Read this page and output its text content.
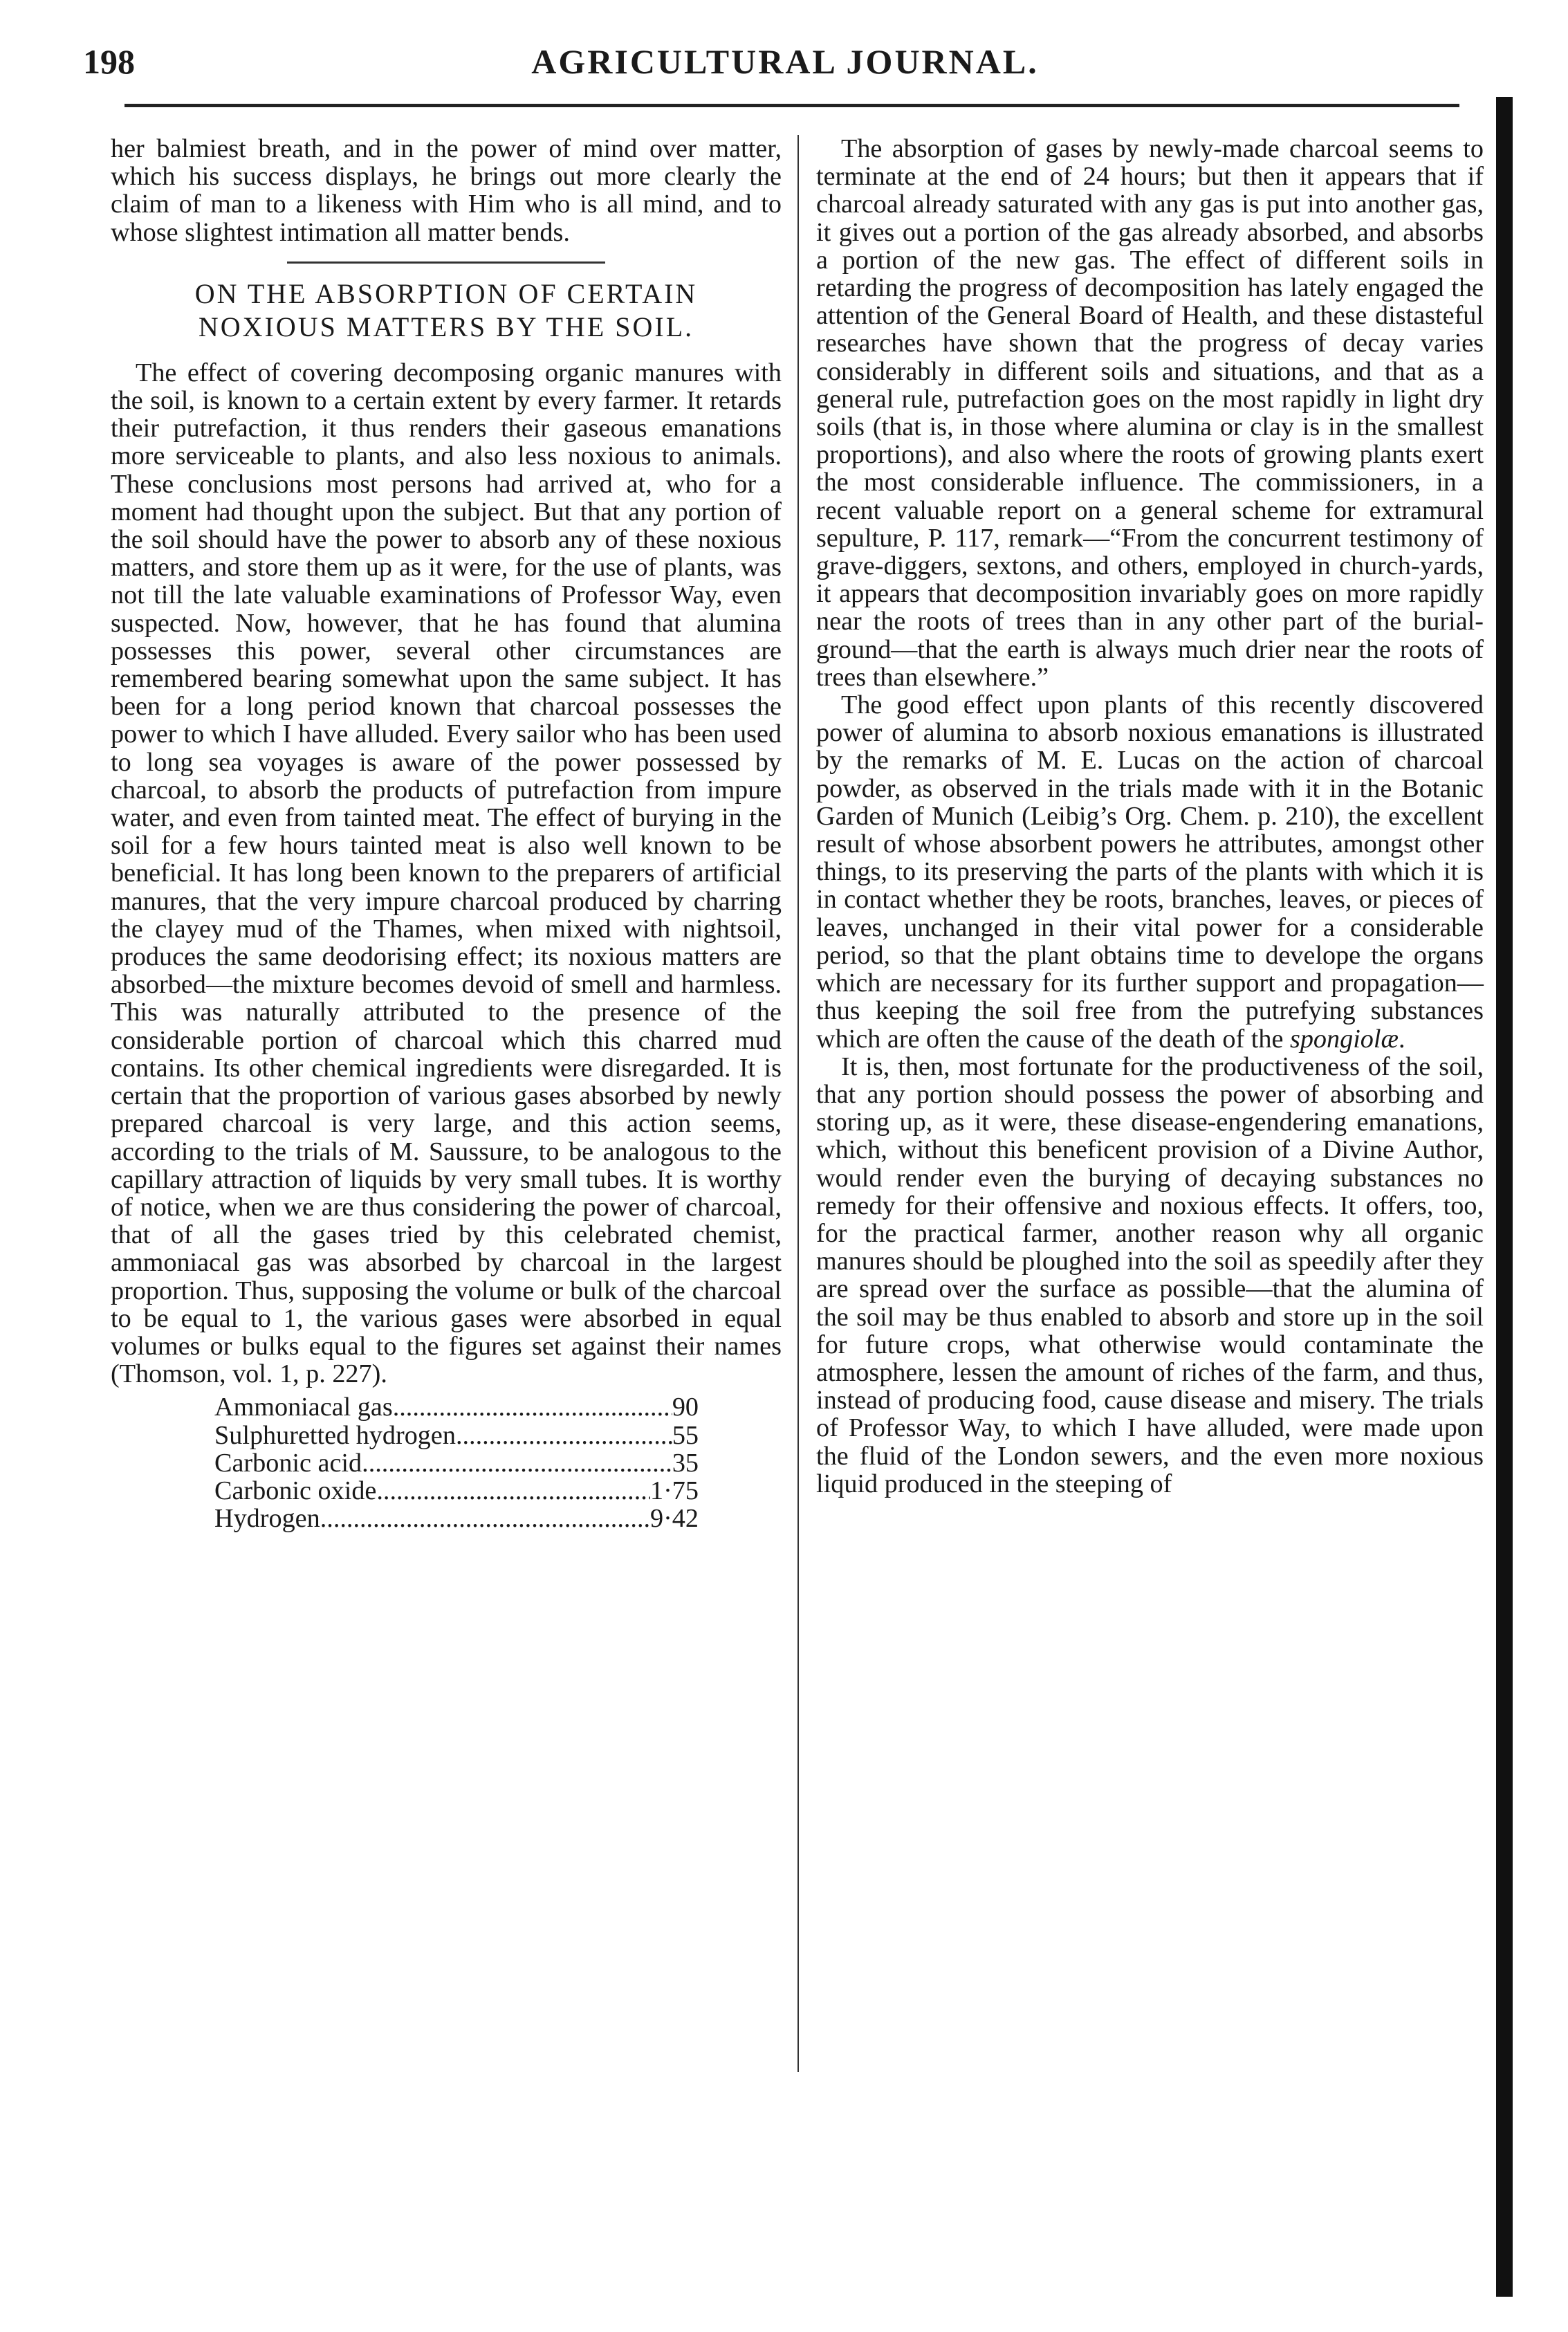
198	AGRICULTURAL JOURNAL.

her balmiest breath, and in the power of mind over matter, which his success displays, he brings out more clearly the claim of man to a likeness with Him who is all mind, and to whose slightest intimation all matter bends.

ON THE ABSORPTION OF CERTAIN
NOXIOUS MATTERS BY THE SOIL.

The effect of covering decomposing organic manures with the soil, is known to a certain extent by every farmer. It retards their putrefaction, it thus renders their gaseous emanations more serviceable to plants, and also less noxious to animals. These conclusions most persons had arrived at, who for a moment had thought upon the subject. But that any portion of the soil should have the power to absorb any of these noxious matters, and store them up as it were, for the use of plants, was not till the late valuable examinations of Professor Way, even suspected. Now, however, that he has found that alumina possesses this power, several other circumstances are remembered bearing somewhat upon the same subject. It has been for a long period known that charcoal possesses the power to which I have alluded. Every sailor who has been used to long sea voyages is aware of the power possessed by charcoal, to absorb the products of putrefaction from impure water, and even from tainted meat. The effect of burying in the soil for a few hours tainted meat is also well known to be beneficial. It has long been known to the preparers of artificial manures, that the very impure charcoal produced by charring the clayey mud of the Thames, when mixed with nightsoil, produces the same deodorising effect; its noxious matters are absorbed—the mixture becomes devoid of smell and harmless. This was naturally attributed to the presence of the considerable portion of charcoal which this charred mud contains. Its other chemical ingredients were disregarded. It is certain that the proportion of various gases absorbed by newly prepared charcoal is very large, and this action seems, according to the trials of M. Saussure, to be analogous to the capillary attraction of liquids by very small tubes. It is worthy of notice, when we are thus considering the power of charcoal, that of all the gases tried by this celebrated chemist, ammoniacal gas was absorbed by charcoal in the largest proportion. Thus, supposing the volume or bulk of the charcoal to be equal to 1, the various gases were absorbed in equal volumes or bulks equal to the figures set against their names (Thomson, vol. 1, p. 227).

Ammoniacal gas .....	90
Sulphuretted hydrogen .....	55
Carbonic acid .....	35
Carbonic oxide .....	1·75
Hydrogen .....	9·42

The absorption of gases by newly-made charcoal seems to terminate at the end of 24 hours; but then it appears that if charcoal already saturated with any gas is put into another gas, it gives out a portion of the gas already absorbed, and absorbs a portion of the new gas. The effect of different soils in retarding the progress of decomposition has lately engaged the attention of the General Board of Health, and these distasteful researches have shown that the progress of decay varies considerably in different soils and situations, and that as a general rule, putrefaction goes on the most rapidly in light dry soils (that is, in those where alumina or clay is in the smallest proportions), and also where the roots of growing plants exert the most considerable influence. The commissioners, in a recent valuable report on a general scheme for extramural sepulture, P. 117, remark—“From the concurrent testimony of grave-diggers, sextons, and others, employed in church-yards, it appears that decomposition invariably goes on more rapidly near the roots of trees than in any other part of the burial-ground—that the earth is always much drier near the roots of trees than elsewhere.”

The good effect upon plants of this recently discovered power of alumina to absorb noxious emanations is illustrated by the remarks of M. E. Lucas on the action of charcoal powder, as observed in the trials made with it in the Botanic Garden of Munich (Leibig’s Org. Chem. p. 210), the excellent result of whose absorbent powers he attributes, amongst other things, to its preserving the parts of the plants with which it is in contact whether they be roots, branches, leaves, or pieces of leaves, unchanged in their vital power for a considerable period, so that the plant obtains time to develope the organs which are necessary for its further support and propagation—thus keeping the soil free from the putrefying substances which are often the cause of the death of the spongiolæ.

It is, then, most fortunate for the productiveness of the soil, that any portion should possess the power of absorbing and storing up, as it were, these disease-engendering emanations, which, without this beneficent provision of a Divine Author, would render even the burying of decaying substances no remedy for their offensive and noxious effects. It offers, too, for the practical farmer, another reason why all organic manures should be ploughed into the soil as speedily after they are spread over the surface as possible—that the alumina of the soil may be thus enabled to absorb and store up in the soil for future crops, what otherwise would contaminate the atmosphere, lessen the amount of riches of the farm, and thus, instead of producing food, cause disease and misery. The trials of Professor Way, to which I have alluded, were made upon the fluid of the London sewers, and the even more noxious liquid produced in the steeping of
